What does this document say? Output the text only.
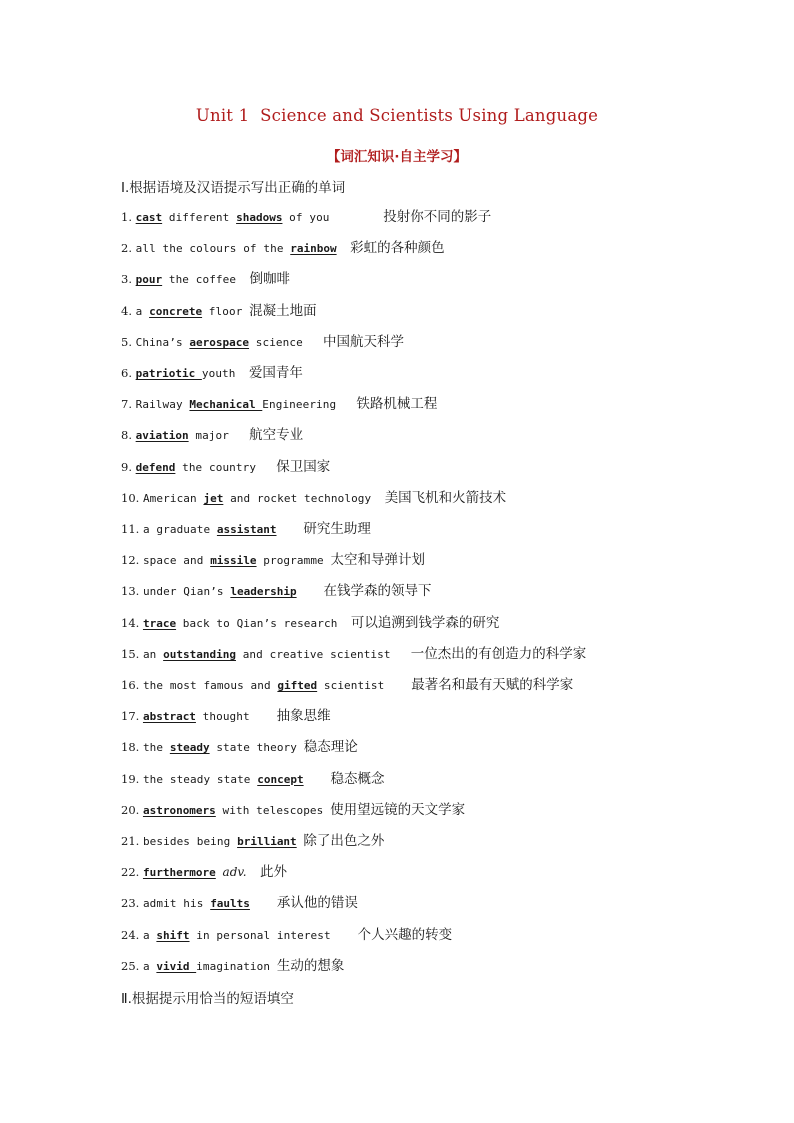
Unit 1  Science and Scientists Using Language
【词汇知识·自主学习】
Ⅰ.根据语境及汉语提示写出正确的单词
1. cast different shadows of you        投射你不同的影子
2. all the colours of the rainbow 彩虹的各种颜色
3. pour the coffee  倒咖啡
4. a concrete floor 混凝土地面
5. China’s aerospace science   中国航天科学
6. patriotic youth  爱国青年
7. Railway Mechanical Engineering   铁路机械工程
8. aviation major   航空专业
9. defend the country   保卫国家
10. American jet and rocket technology  美国飞机和火箭技术
11. a graduate assistant 研究生助理
12. space and missile programme 太空和导弹计划
13. under Qian’s leadership 在钱学森的领导下
14. trace back to Qian’s research  可以追溯到钱学森的研究
15. an outstanding and creative scientist   一位杰出的有创造力的科学家
16. the most famous and gifted scientist    最著名和最有天赋的科学家
17. abstract thought    抽象思维
18. the steady state theory 稳态理论
19. the steady state concept 稳态概念
20. astronomers with telescopes 使用望远镜的天文学家
21. besides being brilliant 除了出色之外
22. furthermore adv. 此外
23. admit his faults 承认他的错误
24. a shift in personal interest    个人兴趣的转变
25. a vivid imagination 生动的想象
Ⅱ.根据提示用恰当的短语填空
